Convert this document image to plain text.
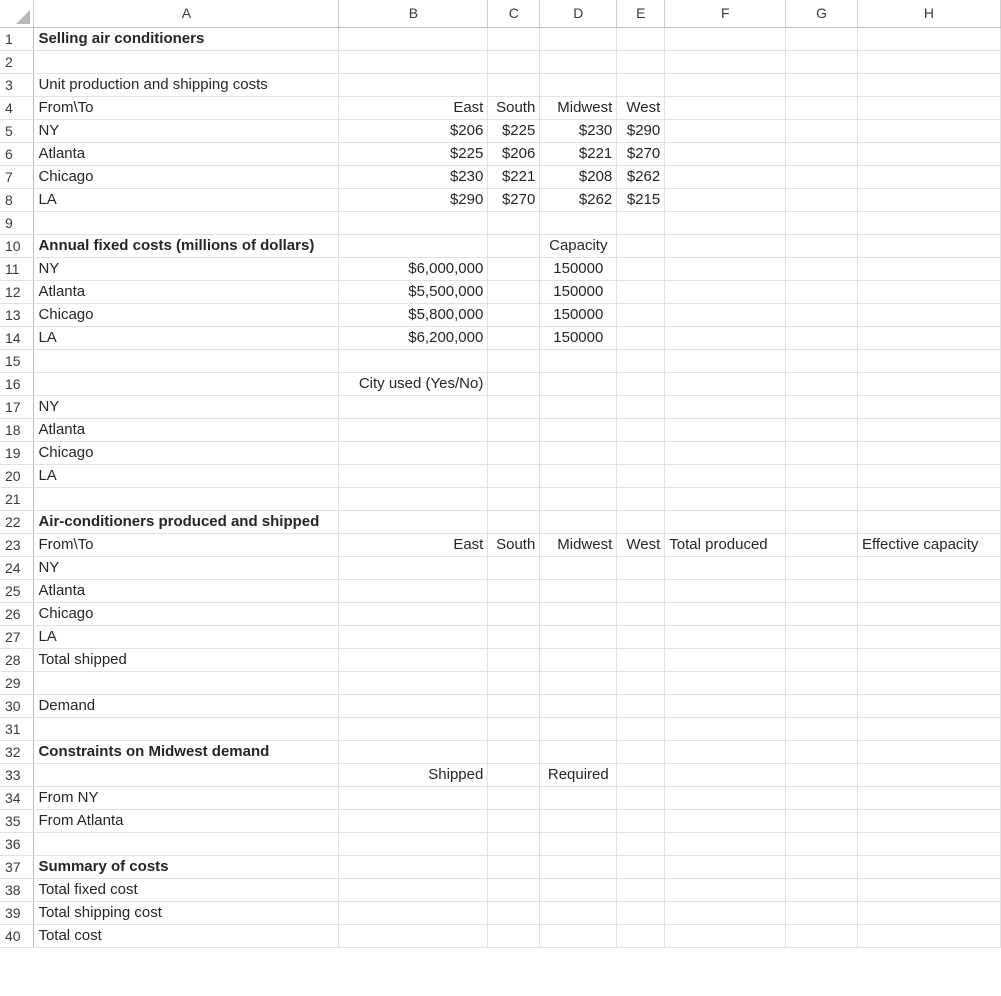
	A	B	C	D	E	F	G	H
1	Selling air conditioners							
2								
3	Unit production and shipping costs							
4	From\To	East	South	Midwest	West			
5	NY	$206	$225	$230	$290			
6	Atlanta	$225	$206	$221	$270			
7	Chicago	$230	$221	$208	$262			
8	LA	$290	$270	$262	$215			
9								
10	Annual fixed costs (millions of dollars)			Capacity				
11	NY	$6,000,000		150000				
12	Atlanta	$5,500,000		150000				
13	Chicago	$5,800,000		150000				
14	LA	$6,200,000		150000				
15								
16		City used (Yes/No)						
17	NY							
18	Atlanta							
19	Chicago							
20	LA							
21								
22	Air-conditioners produced and shipped							
23	From\To	East	South	Midwest	West	Total produced		Effective capacity
24	NY							
25	Atlanta							
26	Chicago							
27	LA							
28	Total shipped							
29								
30	Demand							
31								
32	Constraints on Midwest demand							
33		Shipped		Required				
34	From NY							
35	From Atlanta							
36								
37	Summary of costs							
38	Total fixed cost							
39	Total shipping cost							
40	Total cost							
